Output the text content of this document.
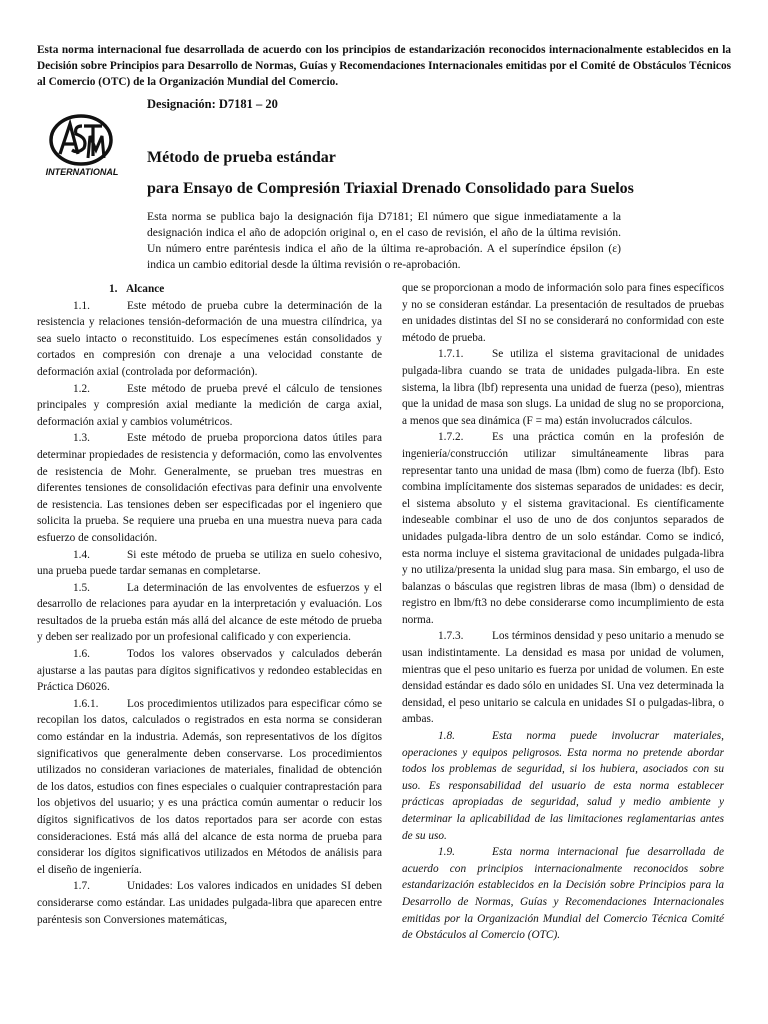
Esta norma internacional fue desarrollada de acuerdo con los principios de estandarización reconocidos internacionalmente establecidos en la Decisión sobre Principios para Desarrollo de Normas, Guías y Recomendaciones Internacionales emitidas por el Comité de Obstáculos Técnicos al Comercio (OTC) de la Organización Mundial del Comercio.
Designación: D7181 – 20
INTERNATIONAL
Método de prueba estándar
para Ensayo de Compresión Triaxial Drenado Consolidado para Suelos
Esta norma se publica bajo la designación fija D7181; El número que sigue inmediatamente a la designación indica el año de adopción original o, en el caso de revisión, el año de la última revisión. Un número entre paréntesis indica el año de la última re-aprobación. A el superíndice épsilon (ε) indica un cambio editorial desde la última revisión o re-aprobación.

1. Alcance

1.1.	Este método de prueba cubre la determinación de la resistencia y relaciones tensión-deformación de una muestra cilíndrica, ya sea suelo intacto o reconstituido. Los especímenes están consolidados y cortados en compresión con drenaje a una velocidad constante de deformación axial (controlada por deformación).

1.2.	Este método de prueba prevé el cálculo de tensiones principales y compresión axial mediante la medición de carga axial, deformación axial y cambios volumétricos.

1.3.	Este método de prueba proporciona datos útiles para determinar propiedades de resistencia y deformación, como las envolventes de resistencia de Mohr. Generalmente, se prueban tres muestras en diferentes tensiones de consolidación efectivas para definir una envolvente de resistencia. Las tensiones deben ser especificadas por el ingeniero que solicita la prueba. Se requiere una prueba en una muestra nueva para cada esfuerzo de consolidación.

1.4.	Si este método de prueba se utiliza en suelo cohesivo, una prueba puede tardar semanas en completarse.

1.5.	La determinación de las envolventes de esfuerzos y el desarrollo de relaciones para ayudar en la interpretación y evaluación. Los resultados de la prueba están más allá del alcance de este método de prueba y deben ser realizado por un profesional calificado y con experiencia.

1.6.	Todos los valores observados y calculados deberán ajustarse a las pautas para dígitos significativos y redondeo establecidas en Práctica D6026.

1.6.1.	Los procedimientos utilizados para especificar cómo se recopilan los datos, calculados o registrados en esta norma se consideran como estándar en la industria. Además, son representativos de los dígitos significativos que generalmente deben conservarse. Los procedimientos utilizados no consideran variaciones de materiales, finalidad de obtención de los datos, estudios con fines especiales o cualquier contraprestación para los objetivos del usuario; y es una práctica común aumentar o reducir los dígitos significativos de los datos reportados para ser acorde con estas consideraciones. Está más allá del alcance de esta norma de prueba para considerar los dígitos significativos utilizados en Métodos de análisis para el diseño de ingeniería.

1.7.	Unidades: Los valores indicados en unidades SI deben considerarse como estándar. Las unidades pulgada-libra que aparecen entre paréntesis son Conversiones matemáticas,

que se proporcionan a modo de información solo para fines específicos y no se consideran estándar. La presentación de resultados de pruebas en unidades distintas del SI no se considerará no conformidad con este método de prueba.

1.7.1.	Se utiliza el sistema gravitacional de unidades pulgada-libra cuando se trata de unidades pulgada-libra. En este sistema, la libra (lbf) representa una unidad de fuerza (peso), mientras que la unidad de masa son slugs. La unidad de slug no se proporciona, a menos que sea dinámica (F = ma) están involucrados cálculos.

1.7.2.	Es una práctica común en la profesión de ingeniería/construcción utilizar simultáneamente libras para representar tanto una unidad de masa (lbm) como de fuerza (lbf). Esto combina implícitamente dos sistemas separados de unidades: es decir, el sistema absoluto y el sistema gravitacional. Es científicamente indeseable combinar el uso de uno de dos conjuntos separados de unidades pulgada-libra dentro de un solo estándar. Como se indicó, esta norma incluye el sistema gravitacional de unidades pulgada-libra y no utiliza/presenta la unidad slug para masa. Sin embargo, el uso de balanzas o básculas que registren libras de masa (lbm) o densidad de registro en lbm/ft3 no debe considerarse como incumplimiento de esta norma.

1.7.3.	Los términos densidad y peso unitario a menudo se usan indistintamente. La densidad es masa por unidad de volumen, mientras que el peso unitario es fuerza por unidad de volumen. En este densidad estándar es dado sólo en unidades SI. Una vez determinada la densidad, el peso unitario se calcula en unidades SI o pulgadas-libra, o ambas.

1.8.	Esta norma puede involucrar materiales, operaciones y equipos peligrosos. Esta norma no pretende abordar todos los problemas de seguridad, si los hubiera, asociados con su uso. Es responsabilidad del usuario de esta norma establecer prácticas apropiadas de seguridad, salud y medio ambiente y determinar la aplicabilidad de las limitaciones reglamentarias antes de su uso.

1.9.	Esta norma internacional fue desarrollada de acuerdo con principios internacionalmente reconocidos sobre estandarización establecidos en la Decisión sobre Principios para la Desarrollo de Normas, Guías y Recomendaciones Internacionales emitidas por la Organización Mundial del Comercio Técnica Comité de Obstáculos al Comercio (OTC).
